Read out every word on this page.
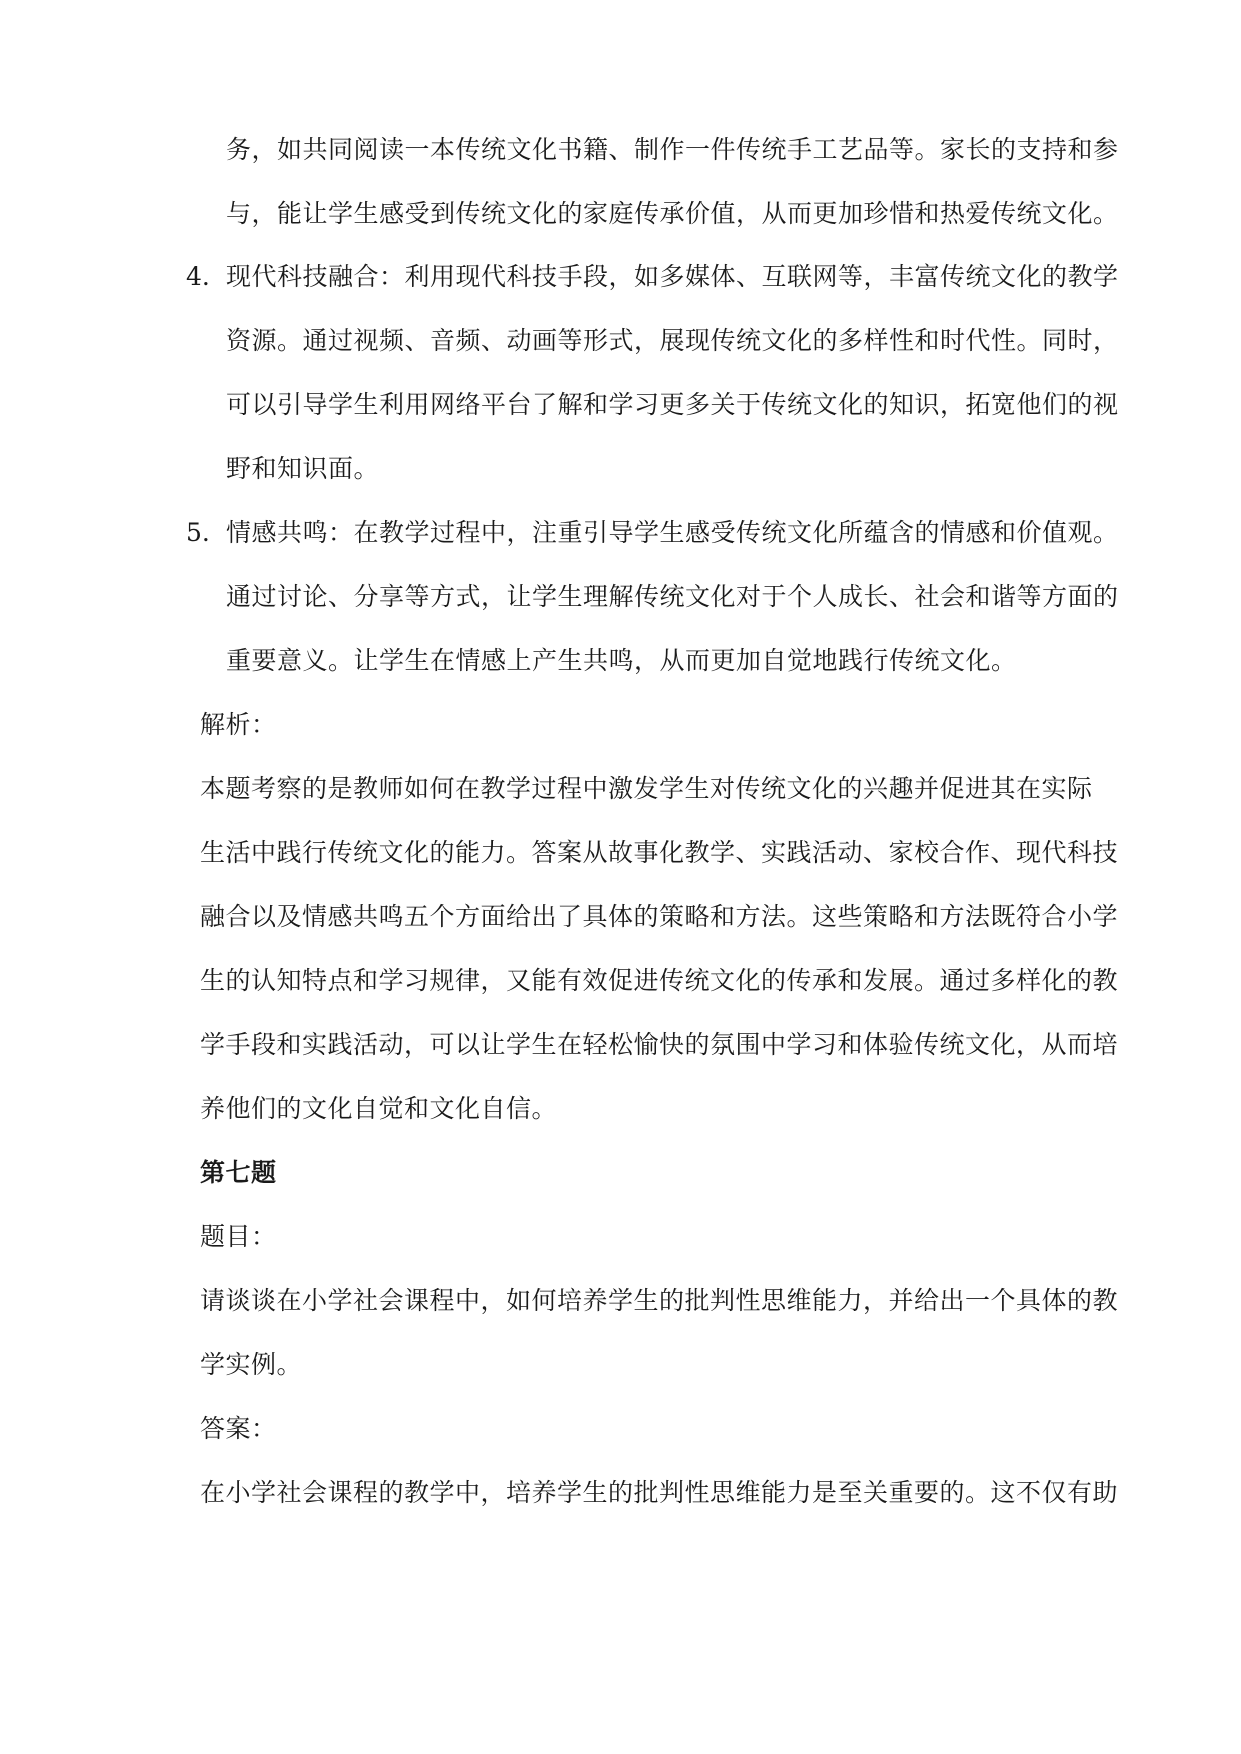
务，如共同阅读一本传统文化书籍、制作一件传统手工艺品等。家长的支持和参
与，能让学生感受到传统文化的家庭传承价值，从而更加珍惜和热爱传统文化。
4. 现代科技融合：利用现代科技手段，如多媒体、互联网等，丰富传统文化的教学
资源。通过视频、音频、动画等形式，展现传统文化的多样性和时代性。同时，
可以引导学生利用网络平台了解和学习更多关于传统文化的知识，拓宽他们的视
野和知识面。
5. 情感共鸣：在教学过程中，注重引导学生感受传统文化所蕴含的情感和价值观。
通过讨论、分享等方式，让学生理解传统文化对于个人成长、社会和谐等方面的
重要意义。让学生在情感上产生共鸣，从而更加自觉地践行传统文化。
解析：
本题考察的是教师如何在教学过程中激发学生对传统文化的兴趣并促进其在实际
生活中践行传统文化的能力。答案从故事化教学、实践活动、家校合作、现代科技
融合以及情感共鸣五个方面给出了具体的策略和方法。这些策略和方法既符合小学
生的认知特点和学习规律，又能有效促进传统文化的传承和发展。通过多样化的教
学手段和实践活动，可以让学生在轻松愉快的氛围中学习和体验传统文化，从而培
养他们的文化自觉和文化自信。
第七题
题目：
请谈谈在小学社会课程中，如何培养学生的批判性思维能力，并给出一个具体的教
学实例。
答案：
在小学社会课程的教学中，培养学生的批判性思维能力是至关重要的。这不仅有助
